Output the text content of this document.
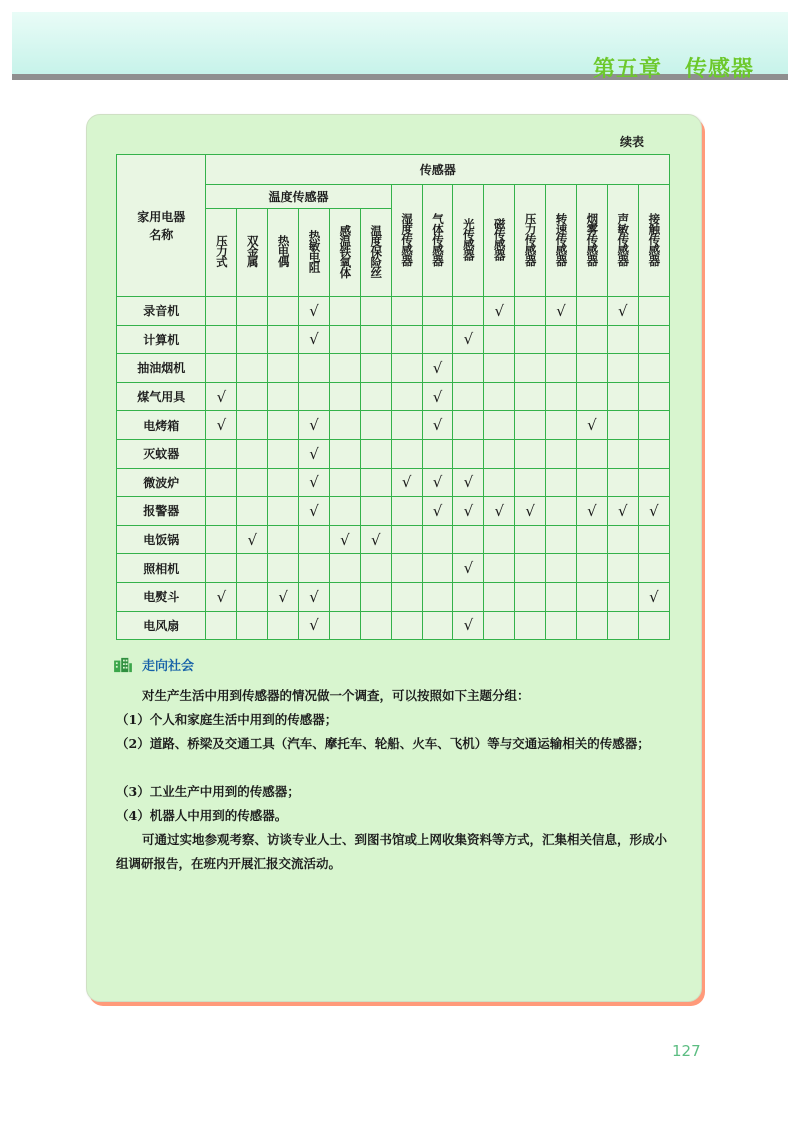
第五章　传感器
续表
家用电器名称	传感器														
	温度传感器						湿度传感器	气体传感器	光传感器	磁传感器	压力传感器	转速传感器	烟雾传感器	声敏传感器	接触传感器
	压力式	双金属	热电偶	热敏电阻	感温铁氧体	温度保险丝									
录音机				√						√		√		√	
计算机				√					√						
抽油烟机								√							
煤气用具	√							√							
电烤箱	√			√				√					√		
灭蚊器				√											
微波炉				√			√	√	√						
报警器				√				√	√	√	√		√	√	√
电饭锅		√			√	√									
照相机									√						
电熨斗	√		√	√											√
电风扇				√					√						
走向社会
对生产生活中用到传感器的情况做一个调查，可以按照如下主题分组：
（1）个人和家庭生活中用到的传感器；
（2）道路、桥梁及交通工具（汽车、摩托车、轮船、火车、飞机）等与交通运输相关的传感器；
（3）工业生产中用到的传感器；
（4）机器人中用到的传感器。
可通过实地参观考察、访谈专业人士、到图书馆或上网收集资料等方式，汇集相关信息，形成小组调研报告，在班内开展汇报交流活动。
127
